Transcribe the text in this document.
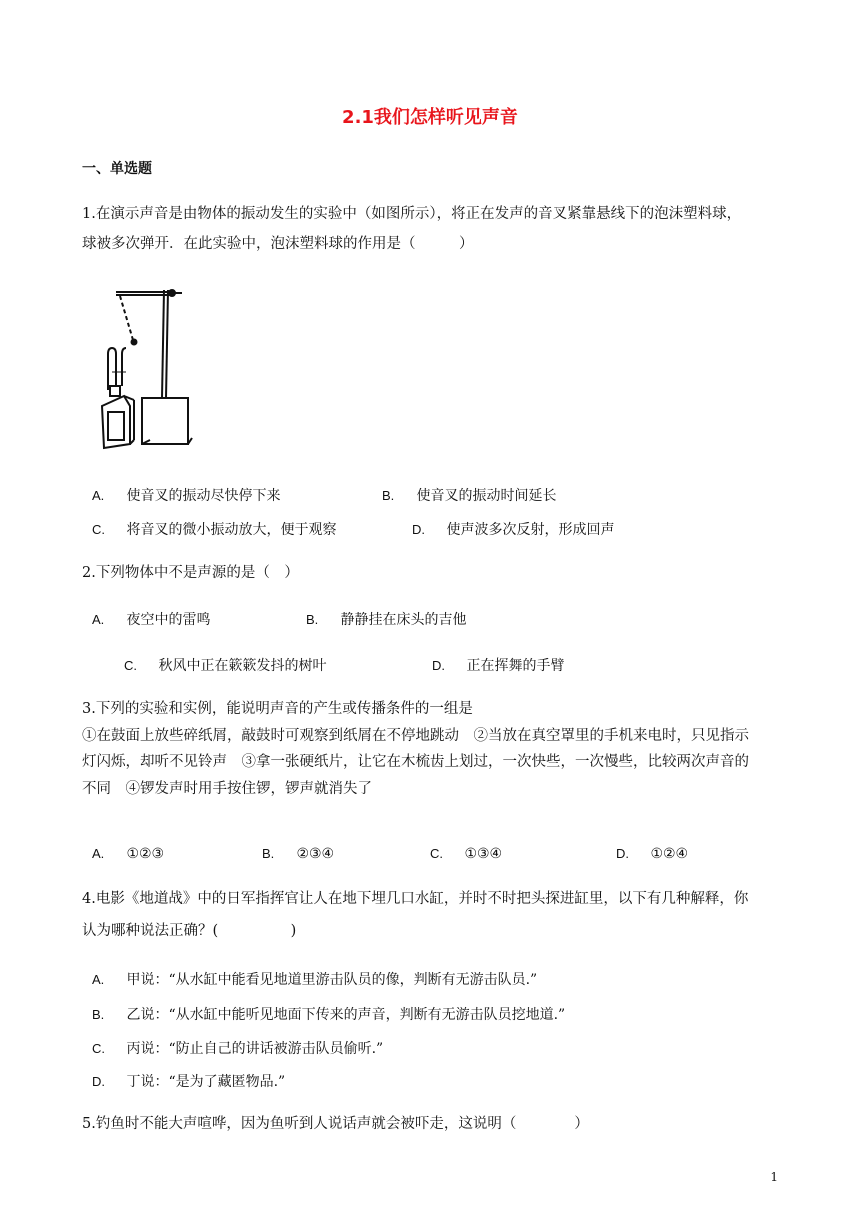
2.1我们怎样听见声音
一、单选题
1.在演示声音是由物体的振动发生的实验中（如图所示），将正在发声的音叉紧靠悬线下的泡沫塑料球，
球被多次弹开．在此实验中，泡沫塑料球的作用是（　　　）
A. 使音叉的振动尽快停下来	B. 使音叉的振动时间延长
C. 将音叉的微小振动放大，便于观察	D. 使声波多次反射，形成回声
2.下列物体中不是声源的是（　）
A. 夜空中的雷鸣	B. 静静挂在床头的吉他
C. 秋风中正在簌簌发抖的树叶	D. 正在挥舞的手臂
3.下列的实验和实例，能说明声音的产生或传播条件的一组是
①在鼓面上放些碎纸屑，敲鼓时可观察到纸屑在不停地跳动　②当放在真空罩里的手机来电时，只见指示
灯闪烁，却听不见铃声　③拿一张硬纸片，让它在木梳齿上划过，一次快些，一次慢些，比较两次声音的
不同　④锣发声时用手按住锣，锣声就消失了
A. ①②③	B. ②③④	C. ①③④	D. ①②④
4.电影《地道战》中的日军指挥官让人在地下埋几口水缸，并时不时把头探进缸里，以下有几种解释，你
认为哪种说法正确？(　　　　　)
A. 甲说：“从水缸中能看见地道里游击队员的像，判断有无游击队员.”
B. 乙说：“从水缸中能听见地面下传来的声音，判断有无游击队员挖地道.”
C. 丙说：“防止自己的讲话被游击队员偷听.”
D. 丁说：“是为了藏匿物品.”
5.钓鱼时不能大声喧哗，因为鱼听到人说话声就会被吓走，这说明（　　　　）
1
